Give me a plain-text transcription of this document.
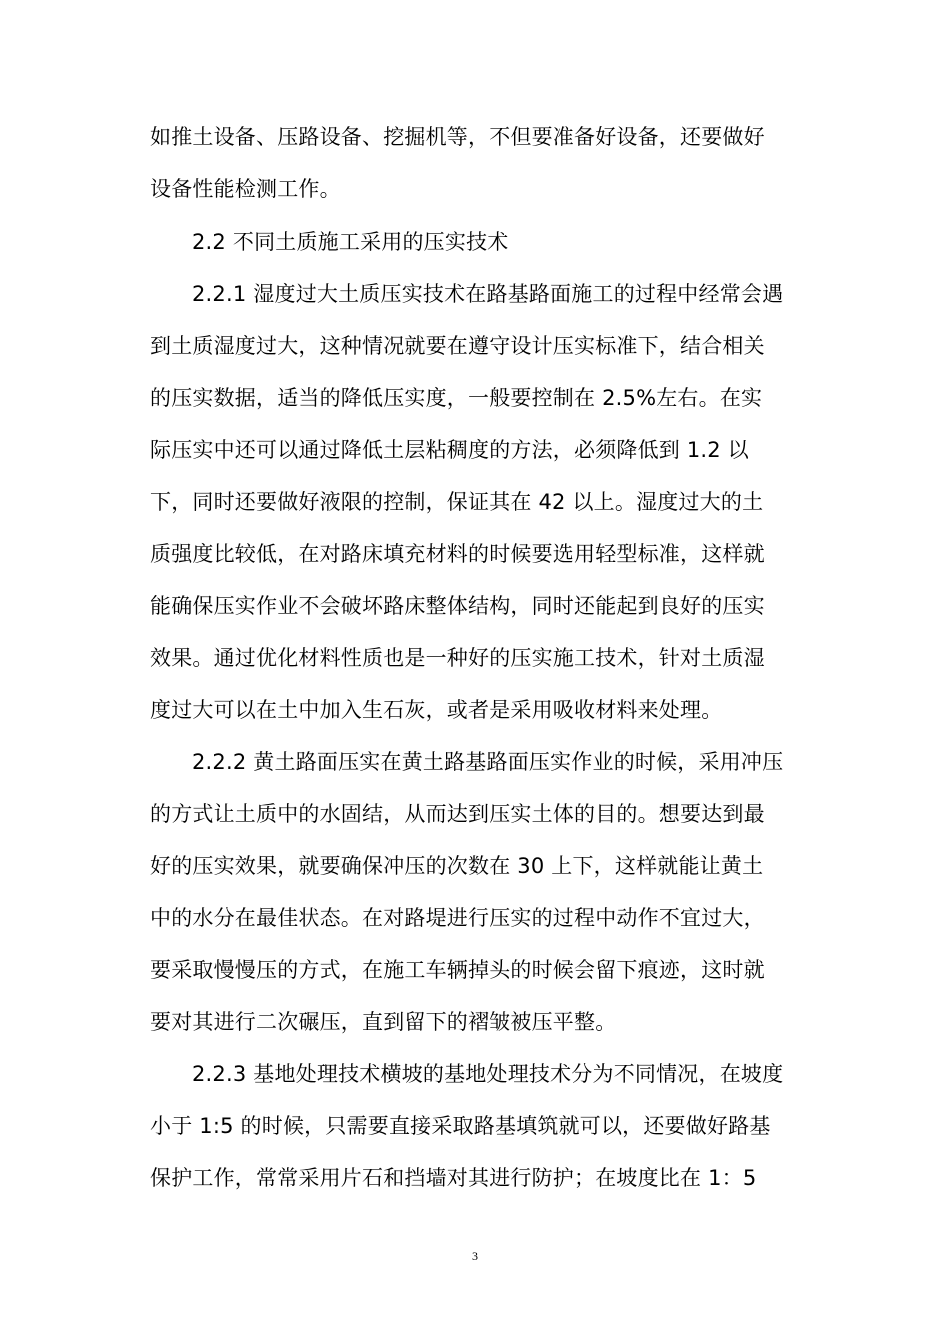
如推土设备、压路设备、挖掘机等，不但要准备好设备，还要做好
设备性能检测工作。
2.2 不同土质施工采用的压实技术
2.2.1 湿度过大土质压实技术在路基路面施工的过程中经常会遇
到土质湿度过大，这种情况就要在遵守设计压实标准下，结合相关
的压实数据，适当的降低压实度，一般要控制在 2.5%左右。在实
际压实中还可以通过降低土层粘稠度的方法，必须降低到 1.2 以
下，同时还要做好液限的控制，保证其在 42 以上。湿度过大的土
质强度比较低，在对路床填充材料的时候要选用轻型标准，这样就
能确保压实作业不会破坏路床整体结构，同时还能起到良好的压实
效果。通过优化材料性质也是一种好的压实施工技术，针对土质湿
度过大可以在土中加入生石灰，或者是采用吸收材料来处理。
2.2.2 黄土路面压实在黄土路基路面压实作业的时候，采用冲压
的方式让土质中的水固结，从而达到压实土体的目的。想要达到最
好的压实效果，就要确保冲压的次数在 30 上下，这样就能让黄土
中的水分在最佳状态。在对路堤进行压实的过程中动作不宜过大，
要采取慢慢压的方式，在施工车辆掉头的时候会留下痕迹，这时就
要对其进行二次碾压，直到留下的褶皱被压平整。
2.2.3 基地处理技术横坡的基地处理技术分为不同情况，在坡度
小于 1:5 的时候，只需要直接采取路基填筑就可以，还要做好路基
保护工作，常常采用片石和挡墙对其进行防护；在坡度比在 1：5
3
